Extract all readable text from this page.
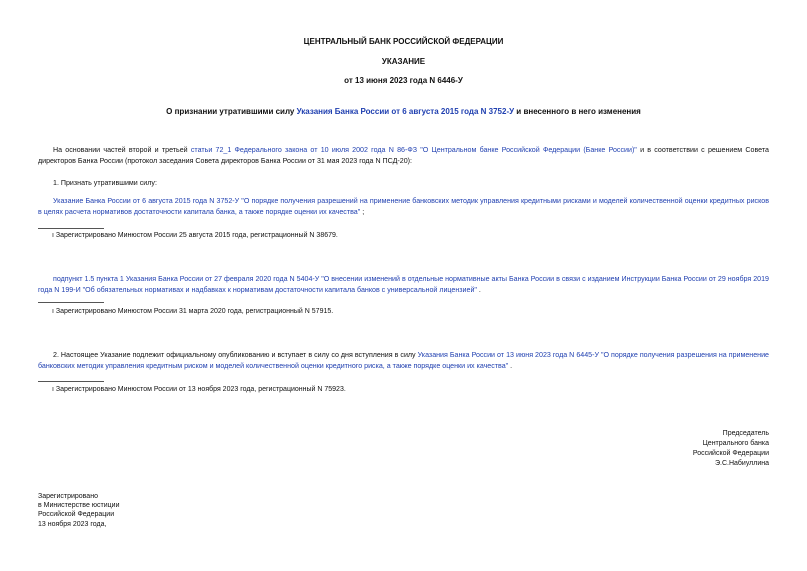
ЦЕНТРАЛЬНЫЙ БАНК РОССИЙСКОЙ ФЕДЕРАЦИИ
УКАЗАНИЕ
от 13 июня 2023 года N 6446-У
О признании утратившими силу Указания Банка России от 6 августа 2015 года N 3752-У и внесенного в него изменения
На основании частей второй и третьей статьи 72_1 Федерального закона от 10 июля 2002 года N 86-ФЗ "О Центральном банке Российской Федерации (Банке России)" и в соответствии с решением Совета директоров Банка России (протокол заседания Совета директоров Банка России от 31 мая 2023 года N ПСД-20):
1. Признать утратившими силу:
Указание Банка России от 6 августа 2015 года N 3752-У "О порядке получения разрешений на применение банковских методик управления кредитными рисками и моделей количественной оценки кредитных рисков в целях расчета нормативов достаточности капитала банка, а также порядке оценки их качества" ;
ı Зарегистрировано Минюстом России 25 августа 2015 года, регистрационный N 38679.
подпункт 1.5 пункта 1 Указания Банка России от 27 февраля 2020 года N 5404-У "О внесении изменений в отдельные нормативные акты Банка России в связи с изданием Инструкции Банка России от 29 ноября 2019 года N 199-И "Об обязательных нормативах и надбавках к нормативам достаточности капитала банков с универсальной лицензией" .
ı Зарегистрировано Минюстом России 31 марта 2020 года, регистрационный N 57915.
2. Настоящее Указание подлежит официальному опубликованию и вступает в силу со дня вступления в силу Указания Банка России от 13 июня 2023 года N 6445-У "О порядке получения разрешения на применение банковских методик управления кредитным риском и моделей количественной оценки кредитного риска, а также порядке оценки их качества" .
ı Зарегистрировано Минюстом России от 13 ноября 2023 года, регистрационный N 75923.
Председатель
Центрального банка
Российской Федерации
Э.С.Набиуллина
Зарегистрировано
в Министерстве юстиции
Российской Федерации
13 ноября 2023 года,
